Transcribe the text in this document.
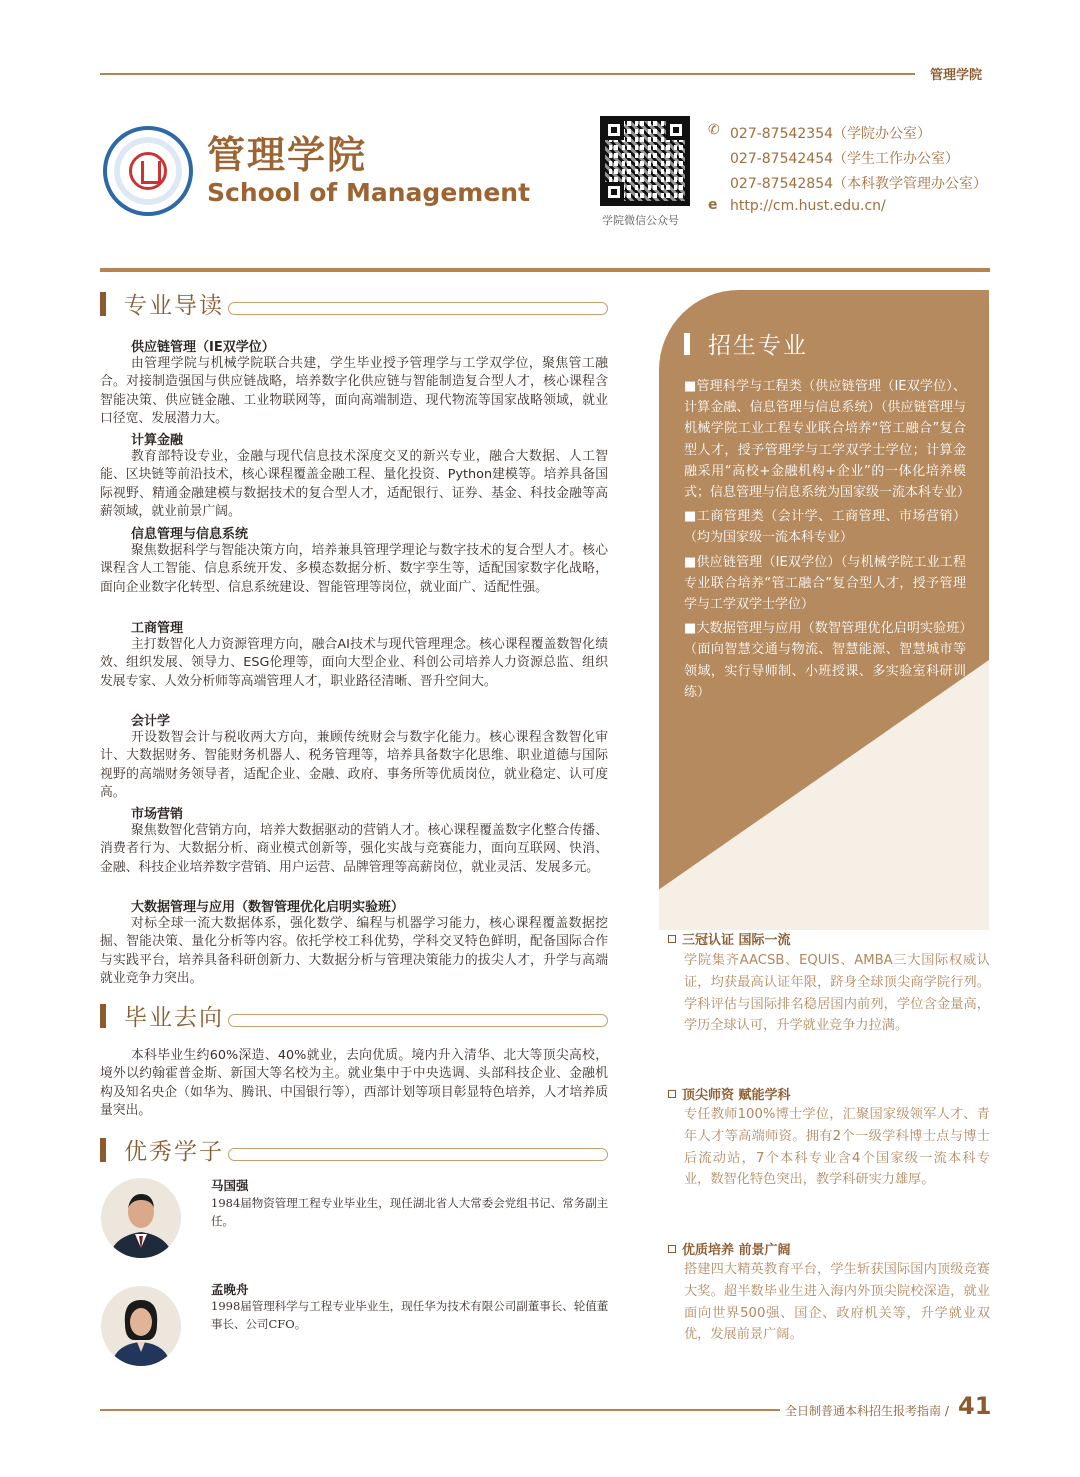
管理学院
管理学院
School of Management
学院微信公众号
✆ 027-87542354（学院办公室）
027-87542454（学生工作办公室）
027-87542854（本科教学管理办公室）
e http://cm.hust.edu.cn/
专业导读
供应链管理（IE双学位）
由管理学院与机械学院联合共建，学生毕业授予管理学与工学双学位，聚焦管工融合。对接制造强国与供应链战略，培养数字化供应链与智能制造复合型人才，核心课程含智能决策、供应链金融、工业物联网等，面向高端制造、现代物流等国家战略领域，就业口径宽、发展潜力大。
计算金融
教育部特设专业，金融与现代信息技术深度交叉的新兴专业，融合大数据、人工智能、区块链等前沿技术，核心课程覆盖金融工程、量化投资、Python建模等。培养具备国际视野、精通金融建模与数据技术的复合型人才，适配银行、证券、基金、科技金融等高薪领域，就业前景广阔。
信息管理与信息系统
聚焦数据科学与智能决策方向，培养兼具管理学理论与数字技术的复合型人才。核心课程含人工智能、信息系统开发、多模态数据分析、数字孪生等，适配国家数字化战略，面向企业数字化转型、信息系统建设、智能管理等岗位，就业面广、适配性强。
工商管理
主打数智化人力资源管理方向，融合AI技术与现代管理理念。核心课程覆盖数智化绩效、组织发展、领导力、ESG伦理等，面向大型企业、科创公司培养人力资源总监、组织发展专家、人效分析师等高端管理人才，职业路径清晰、晋升空间大。
会计学
开设数智会计与税收两大方向，兼顾传统财会与数字化能力。核心课程含数智化审计、大数据财务、智能财务机器人、税务管理等，培养具备数字化思维、职业道德与国际视野的高端财务领导者，适配企业、金融、政府、事务所等优质岗位，就业稳定、认可度高。
市场营销
聚焦数智化营销方向，培养大数据驱动的营销人才。核心课程覆盖数字化整合传播、消费者行为、大数据分析、商业模式创新等，强化实战与竞赛能力，面向互联网、快消、金融、科技企业培养数字营销、用户运营、品牌管理等高薪岗位，就业灵活、发展多元。
大数据管理与应用（数智管理优化启明实验班）
对标全球一流大数据体系，强化数学、编程与机器学习能力，核心课程覆盖数据挖掘、智能决策、量化分析等内容。依托学校工科优势，学科交叉特色鲜明，配备国际合作与实践平台，培养具备科研创新力、大数据分析与管理决策能力的拔尖人才，升学与高端就业竞争力突出。
毕业去向
本科毕业生约60%深造、40%就业，去向优质。境内升入清华、北大等顶尖高校，境外以约翰霍普金斯、新国大等名校为主。就业集中于中央选调、头部科技企业、金融机构及知名央企（如华为、腾讯、中国银行等），西部计划等项目彰显特色培养，人才培养质量突出。
优秀学子
马国强
1984届物资管理工程专业毕业生，现任湖北省人大常委会党组书记、常务副主任。
孟晚舟
1998届管理科学与工程专业毕业生，现任华为技术有限公司副董事长、轮值董事长、公司CFO。
招生专业

■管理科学与工程类（供应链管理（IE双学位）、计算金融、信息管理与信息系统）（供应链管理与机械学院工业工程专业联合培养“管工融合”复合型人才，授予管理学与工学双学士学位；计算金融采用“高校+金融机构+企业”的一体化培养模式；信息管理与信息系统为国家级一流本科专业）

■工商管理类（会计学、工商管理、市场营销）（均为国家级一流本科专业）

■供应链管理（IE双学位）（与机械学院工业工程专业联合培养“管工融合”复合型人才，授予管理学与工学双学士学位）

■大数据管理与应用（数智管理优化启明实验班）（面向智慧交通与物流、智慧能源、智慧城市等领域，实行导师制、小班授课、多实验室科研训练）

三冠认证 国际一流
学院集齐AACSB、EQUIS、AMBA三大国际权威认证，均获最高认证年限，跻身全球顶尖商学院行列。学科评估与国际排名稳居国内前列，学位含金量高，学历全球认可，升学就业竞争力拉满。
顶尖师资 赋能学科
专任教师100%博士学位，汇聚国家级领军人才、青年人才等高端师资。拥有2个一级学科博士点与博士后流动站，7个本科专业含4个国家级一流本科专业，数智化特色突出，教学科研实力雄厚。
优质培养 前景广阔
搭建四大精英教育平台，学生斩获国际国内顶级竞赛大奖。超半数毕业生进入海内外顶尖院校深造，就业面向世界500强、国企、政府机关等，升学就业双优，发展前景广阔。
全日制普通本科招生报考指南 / 41
